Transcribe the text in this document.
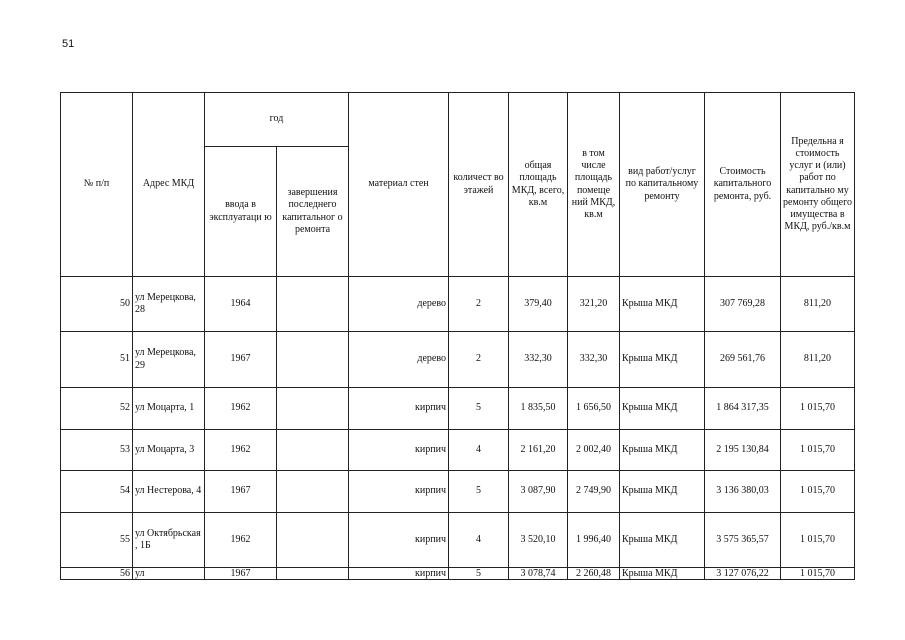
51
№ п/п	Адрес МКД	год		материал стен	количест во этажей	общая площадь МКД, всего, кв.м	в том числе площадь помеще ний МКД, кв.м	вид работ/услуг по капитальному ремонту	Стоимость капитального ремонта, руб.	Предельна я стоимость услуг и (или) работ по капитально му ремонту общего имущества в МКД, руб./кв.м
		ввода в эксплуатаци ю	завершения последнего капитальног о ремонта							
50	ул Мерецкова, 28	1964		дерево	2	379,40	321,20	Крыша МКД	307 769,28	811,20
51	ул Мерецкова, 29	1967		дерево	2	332,30	332,30	Крыша МКД	269 561,76	811,20
52	ул Моцарта, 1	1962		кирпич	5	1 835,50	1 656,50	Крыша МКД	1 864 317,35	1 015,70
53	ул Моцарта, 3	1962		кирпич	4	2 161,20	2 002,40	Крыша МКД	2 195 130,84	1 015,70
54	ул Нестерова, 4	1967		кирпич	5	3 087,90	2 749,90	Крыша МКД	3 136 380,03	1 015,70
55	ул Октябрьская , 1Б	1962		кирпич	4	3 520,10	1 996,40	Крыша МКД	3 575 365,57	1 015,70
56	ул	1967		кирпич	5	3 078,74	2 260,48	Крыша МКД	3 127 076,22	1 015,70
